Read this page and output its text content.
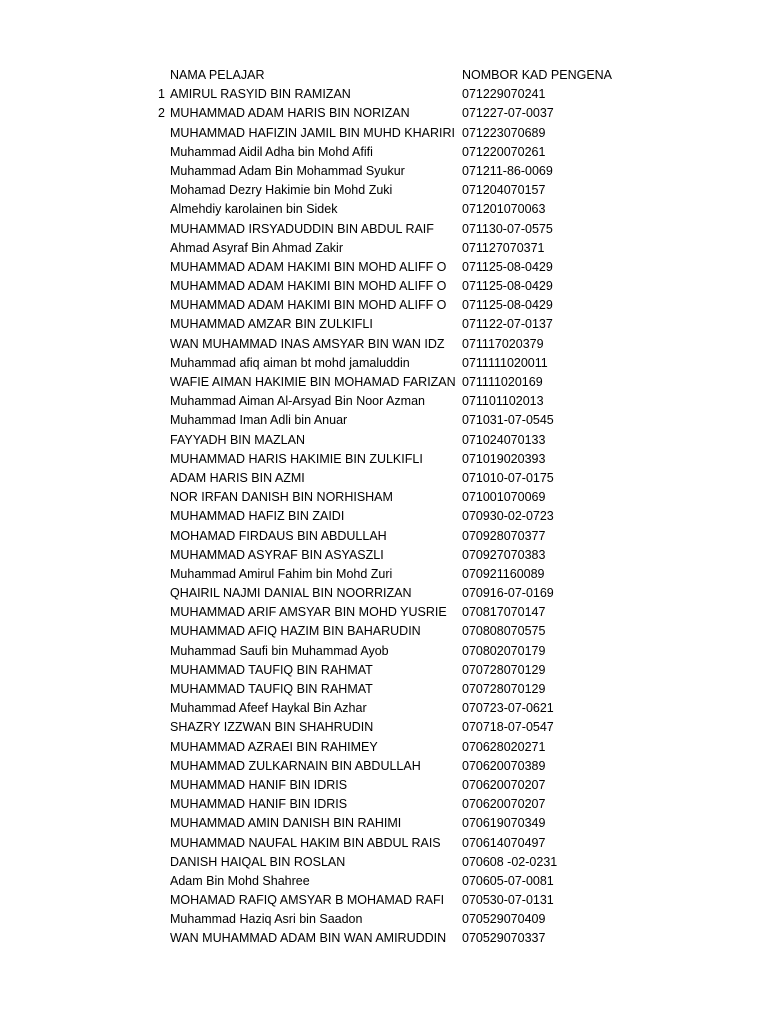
NAMA PELAJAR	NOMBOR KAD PENGENA
1 AMIRUL RASYID BIN RAMIZAN	071229070241
2 MUHAMMAD ADAM HARIS BIN NORIZAN	071227-07-0037
MUHAMMAD HAFIZIN JAMIL BIN MUHD KHARIRI 071223070689
Muhammad Aidil Adha bin Mohd Afifi	071220070261
Muhammad Adam Bin Mohammad Syukur	071211-86-0069
Mohamad Dezry Hakimie bin Mohd Zuki	071204070157
Almehdiy karolainen bin Sidek	071201070063
MUHAMMAD IRSYADUDDIN BIN ABDUL RAIF	071130-07-0575
Ahmad Asyraf Bin Ahmad Zakir	071127070371
MUHAMMAD ADAM HAKIMI BIN MOHD ALIFF O	071125-08-0429
MUHAMMAD ADAM HAKIMI BIN MOHD ALIFF O	071125-08-0429
MUHAMMAD ADAM HAKIMI BIN MOHD ALIFF O	071125-08-0429
MUHAMMAD AMZAR BIN ZULKIFLI	071122-07-0137
WAN MUHAMMAD INAS AMSYAR BIN WAN IDZ	071117020379
Muhammad afiq aiman bt mohd jamaluddin	0711111020011
WAFIE AIMAN HAKIMIE BIN MOHAMAD FARIZAN 071111020169
Muhammad Aiman Al-Arsyad Bin Noor Azman	071101102013
Muhammad Iman Adli bin Anuar	071031-07-0545
FAYYADH BIN MAZLAN	071024070133
MUHAMMAD HARIS HAKIMIE BIN ZULKIFLI	071019020393
ADAM HARIS BIN AZMI	071010-07-0175
NOR IRFAN DANISH BIN NORHISHAM	071001070069
MUHAMMAD HAFIZ BIN ZAIDI	070930-02-0723
MOHAMAD FIRDAUS BIN ABDULLAH	070928070377
MUHAMMAD ASYRAF BIN ASYASZLI	070927070383
Muhammad Amirul Fahim bin Mohd Zuri	070921160089
QHAIRIL NAJMI DANIAL BIN NOORRIZAN	070916-07-0169
MUHAMMAD ARIF AMSYAR BIN MOHD YUSRIE	070817070147
MUHAMMAD AFIQ HAZIM BIN BAHARUDIN	070808070575
Muhammad Saufi bin Muhammad Ayob	070802070179
MUHAMMAD TAUFIQ BIN RAHMAT	070728070129
MUHAMMAD TAUFIQ BIN RAHMAT	070728070129
Muhammad Afeef Haykal Bin Azhar	070723-07-0621
SHAZRY IZZWAN BIN SHAHRUDIN	070718-07-0547
MUHAMMAD AZRAEI BIN RAHIMEY	070628020271
MUHAMMAD ZULKARNAIN BIN ABDULLAH	070620070389
MUHAMMAD HANIF BIN IDRIS	070620070207
MUHAMMAD HANIF BIN IDRIS	070620070207
MUHAMMAD AMIN DANISH BIN RAHIMI	070619070349
MUHAMMAD NAUFAL HAKIM BIN ABDUL RAIS	070614070497
DANISH HAIQAL BIN ROSLAN	070608 -02-0231
Adam Bin Mohd Shahree	070605-07-0081
MOHAMAD RAFIQ AMSYAR B MOHAMAD RAFI	070530-07-0131
Muhammad Haziq Asri bin Saadon	070529070409
WAN MUHAMMAD ADAM BIN WAN AMIRUDDIN	070529070337
